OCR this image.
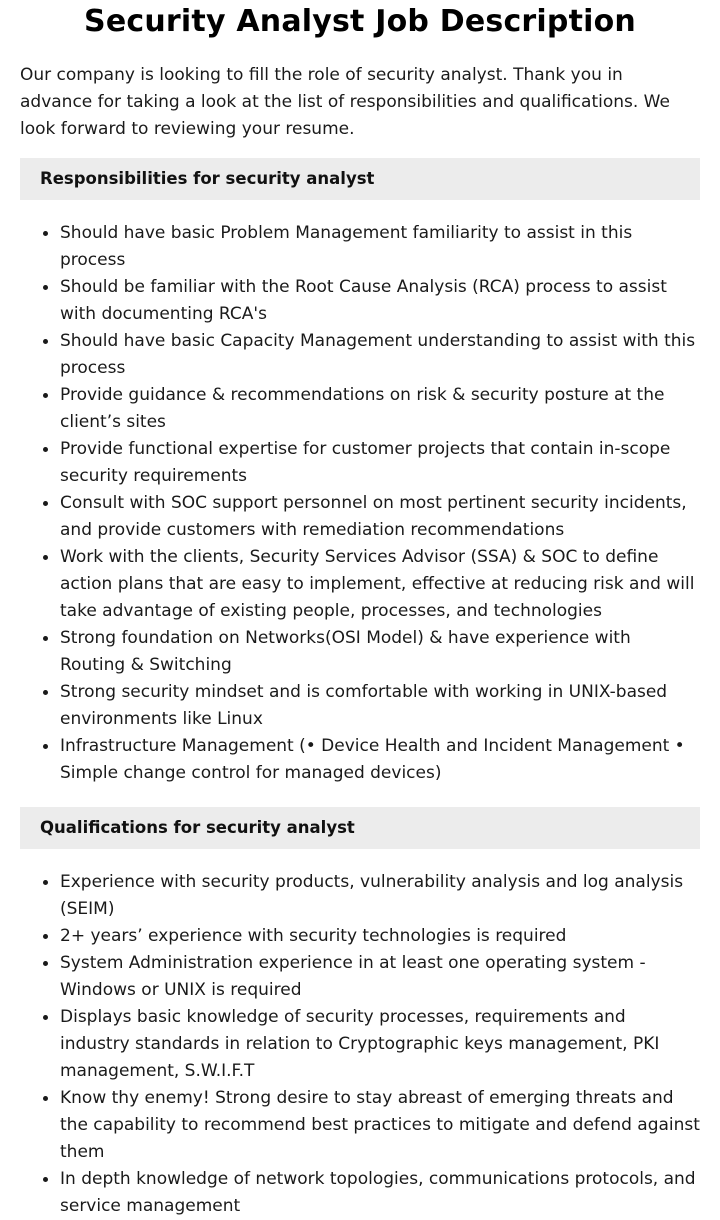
Security Analyst Job Description

Our company is looking to fill the role of security analyst. Thank you in advance for taking a look at the list of responsibilities and qualifications. We look forward to reviewing your resume.

Responsibilities for security analyst
Should have basic Problem Management familiarity to assist in this process
Should be familiar with the Root Cause Analysis (RCA) process to assist with documenting RCA's
Should have basic Capacity Management understanding to assist with this process
Provide guidance & recommendations on risk & security posture at the client’s sites
Provide functional expertise for customer projects that contain in-scope security requirements
Consult with SOC support personnel on most pertinent security incidents, and provide customers with remediation recommendations
Work with the clients, Security Services Advisor (SSA) & SOC to define action plans that are easy to implement, effective at reducing risk and will take advantage of existing people, processes, and technologies
Strong foundation on Networks(OSI Model) & have experience with Routing & Switching
Strong security mindset and is comfortable with working in UNIX-based environments like Linux
Infrastructure Management (• Device Health and Incident Management • Simple change control for managed devices)
Qualifications for security analyst
Experience with security products, vulnerability analysis and log analysis (SEIM)
2+ years’ experience with security technologies is required
System Administration experience in at least one operating system - Windows or UNIX is required
Displays basic knowledge of security processes, requirements and industry standards in relation to Cryptographic keys management, PKI management, S.W.I.F.T
Know thy enemy! Strong desire to stay abreast of emerging threats and the capability to recommend best practices to mitigate and defend against them
In depth knowledge of network topologies, communications protocols, and service management
